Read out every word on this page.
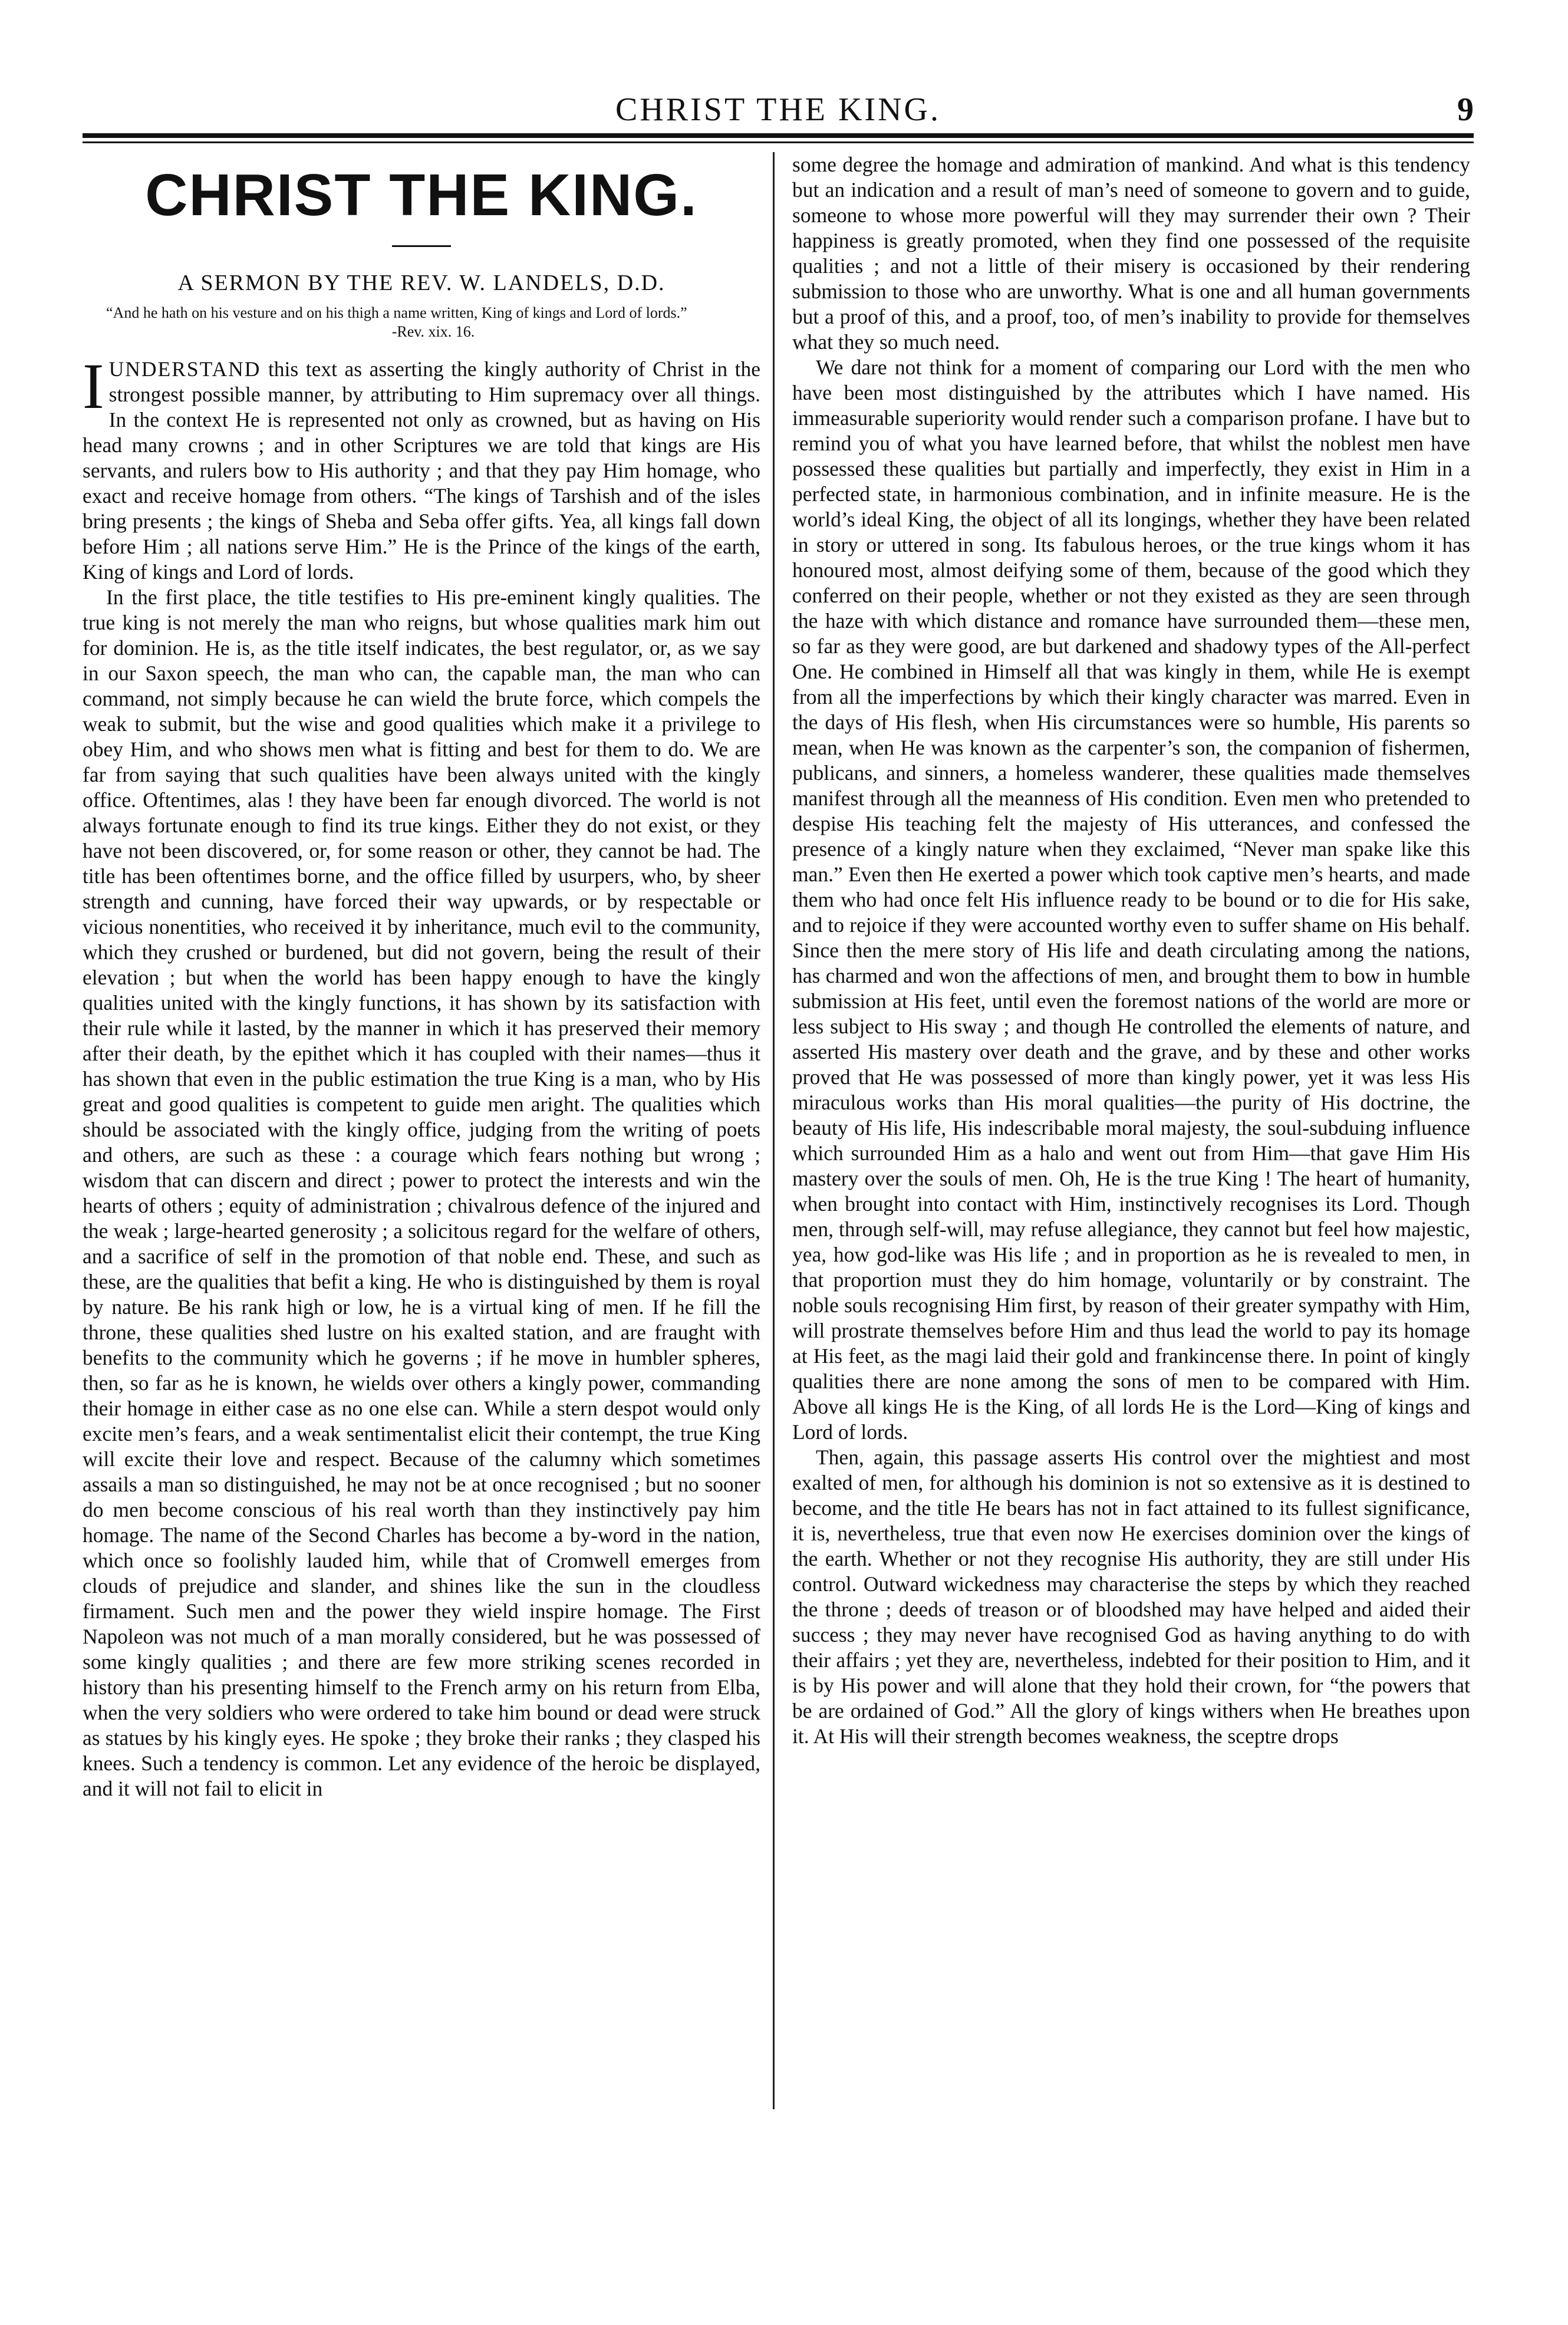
CHRIST THE KING.	9
CHRIST THE KING.
A SERMON BY THE REV. W. LANDELS, D.D.
“And he hath on his vesture and on his thigh a name written, King of kings and Lord of lords.”
-Rev. xix. 16.

IUNDERSTAND this text as asserting the kingly authority of Christ in the strongest possible manner, by attributing to Him supremacy over all things. In the context He is represented not only as crowned, but as having on His head many crowns ; and in other Scriptures we are told that kings are His servants, and rulers bow to His authority ; and that they pay Him homage, who exact and receive homage from others. “The kings of Tarshish and of the isles bring presents ; the kings of Sheba and Seba offer gifts. Yea, all kings fall down before Him ; all nations serve Him.” He is the Prince of the kings of the earth, King of kings and Lord of lords.

In the first place, the title testifies to His pre-eminent kingly qualities. The true king is not merely the man who reigns, but whose qualities mark him out for dominion. He is, as the title itself indicates, the best regulator, or, as we say in our Saxon speech, the man who can, the capable man, the man who can command, not simply because he can wield the brute force, which compels the weak to submit, but the wise and good qualities which make it a privilege to obey Him, and who shows men what is fitting and best for them to do. We are far from saying that such qualities have been always united with the kingly office. Oftentimes, alas ! they have been far enough divorced. The world is not always fortunate enough to find its true kings. Either they do not exist, or they have not been discovered, or, for some reason or other, they cannot be had. The title has been oftentimes borne, and the office filled by usurpers, who, by sheer strength and cunning, have forced their way upwards, or by respectable or vicious nonentities, who received it by inheritance, much evil to the community, which they crushed or burdened, but did not govern, being the result of their elevation ; but when the world has been happy enough to have the kingly qualities united with the kingly functions, it has shown by its satisfaction with their rule while it lasted, by the manner in which it has preserved their memory after their death, by the epithet which it has coupled with their names—thus it has shown that even in the public estimation the true King is a man, who by His great and good qualities is competent to guide men aright. The qualities which should be associated with the kingly office, judging from the writing of poets and others, are such as these : a courage which fears nothing but wrong ; wisdom that can discern and direct ; power to protect the interests and win the hearts of others ; equity of administration ; chivalrous defence of the injured and the weak ; large-hearted generosity ; a solicitous regard for the welfare of others, and a sacrifice of self in the promotion of that noble end. These, and such as these, are the qualities that befit a king. He who is distinguished by them is royal by nature. Be his rank high or low, he is a virtual king of men. If he fill the throne, these qualities shed lustre on his exalted station, and are fraught with benefits to the community which he governs ; if he move in humbler spheres, then, so far as he is known, he wields over others a kingly power, commanding their homage in either case as no one else can. While a stern despot would only excite men’s fears, and a weak sentimentalist elicit their contempt, the true King will excite their love and respect. Because of the calumny which sometimes assails a man so distinguished, he may not be at once recognised ; but no sooner do men become conscious of his real worth than they instinctively pay him homage. The name of the Second Charles has become a by-word in the nation, which once so foolishly lauded him, while that of Cromwell emerges from clouds of prejudice and slander, and shines like the sun in the cloudless firmament. Such men and the power they wield inspire homage. The First Napoleon was not much of a man morally considered, but he was possessed of some kingly qualities ; and there are few more striking scenes recorded in history than his presenting himself to the French army on his return from Elba, when the very soldiers who were ordered to take him bound or dead were struck as statues by his kingly eyes. He spoke ; they broke their ranks ; they clasped his knees. Such a tendency is common. Let any evidence of the heroic be displayed, and it will not fail to elicit in

some degree the homage and admiration of mankind. And what is this tendency but an indication and a result of man’s need of someone to govern and to guide, someone to whose more powerful will they may surrender their own ? Their happiness is greatly promoted, when they find one possessed of the requisite qualities ; and not a little of their misery is occasioned by their rendering submission to those who are unworthy. What is one and all human governments but a proof of this, and a proof, too, of men’s inability to provide for themselves what they so much need.

We dare not think for a moment of comparing our Lord with the men who have been most distinguished by the attributes which I have named. His immeasurable superiority would render such a comparison profane. I have but to remind you of what you have learned before, that whilst the noblest men have possessed these qualities but partially and imperfectly, they exist in Him in a perfected state, in harmonious combination, and in infinite measure. He is the world’s ideal King, the object of all its longings, whether they have been related in story or uttered in song. Its fabulous heroes, or the true kings whom it has honoured most, almost deifying some of them, because of the good which they conferred on their people, whether or not they existed as they are seen through the haze with which distance and romance have surrounded them—these men, so far as they were good, are but darkened and shadowy types of the All-perfect One. He combined in Himself all that was kingly in them, while He is exempt from all the imperfections by which their kingly character was marred. Even in the days of His flesh, when His circumstances were so humble, His parents so mean, when He was known as the carpenter’s son, the companion of fishermen, publicans, and sinners, a homeless wanderer, these qualities made themselves manifest through all the meanness of His condition. Even men who pretended to despise His teaching felt the majesty of His utterances, and confessed the presence of a kingly nature when they exclaimed, “Never man spake like this man.” Even then He exerted a power which took captive men’s hearts, and made them who had once felt His influence ready to be bound or to die for His sake, and to rejoice if they were accounted worthy even to suffer shame on His behalf. Since then the mere story of His life and death circulating among the nations, has charmed and won the affections of men, and brought them to bow in humble submission at His feet, until even the foremost nations of the world are more or less subject to His sway ; and though He controlled the elements of nature, and asserted His mastery over death and the grave, and by these and other works proved that He was possessed of more than kingly power, yet it was less His miraculous works than His moral qualities—the purity of His doctrine, the beauty of His life, His indescribable moral majesty, the soul-subduing influence which surrounded Him as a halo and went out from Him—that gave Him His mastery over the souls of men. Oh, He is the true King ! The heart of humanity, when brought into contact with Him, instinctively recognises its Lord. Though men, through self-will, may refuse allegiance, they cannot but feel how majestic, yea, how god-like was His life ; and in proportion as he is revealed to men, in that proportion must they do him homage, voluntarily or by constraint. The noble souls recognising Him first, by reason of their greater sympathy with Him, will prostrate themselves before Him and thus lead the world to pay its homage at His feet, as the magi laid their gold and frankincense there. In point of kingly qualities there are none among the sons of men to be compared with Him. Above all kings He is the King, of all lords He is the Lord—King of kings and Lord of lords.

Then, again, this passage asserts His control over the mightiest and most exalted of men, for although his dominion is not so extensive as it is destined to become, and the title He bears has not in fact attained to its fullest significance, it is, nevertheless, true that even now He exercises dominion over the kings of the earth. Whether or not they recognise His authority, they are still under His control. Outward wickedness may characterise the steps by which they reached the throne ; deeds of treason or of bloodshed may have helped and aided their success ; they may never have recognised God as having anything to do with their affairs ; yet they are, nevertheless, indebted for their position to Him, and it is by His power and will alone that they hold their crown, for “the powers that be are ordained of God.” All the glory of kings withers when He breathes upon it. At His will their strength becomes weakness, the sceptre drops
